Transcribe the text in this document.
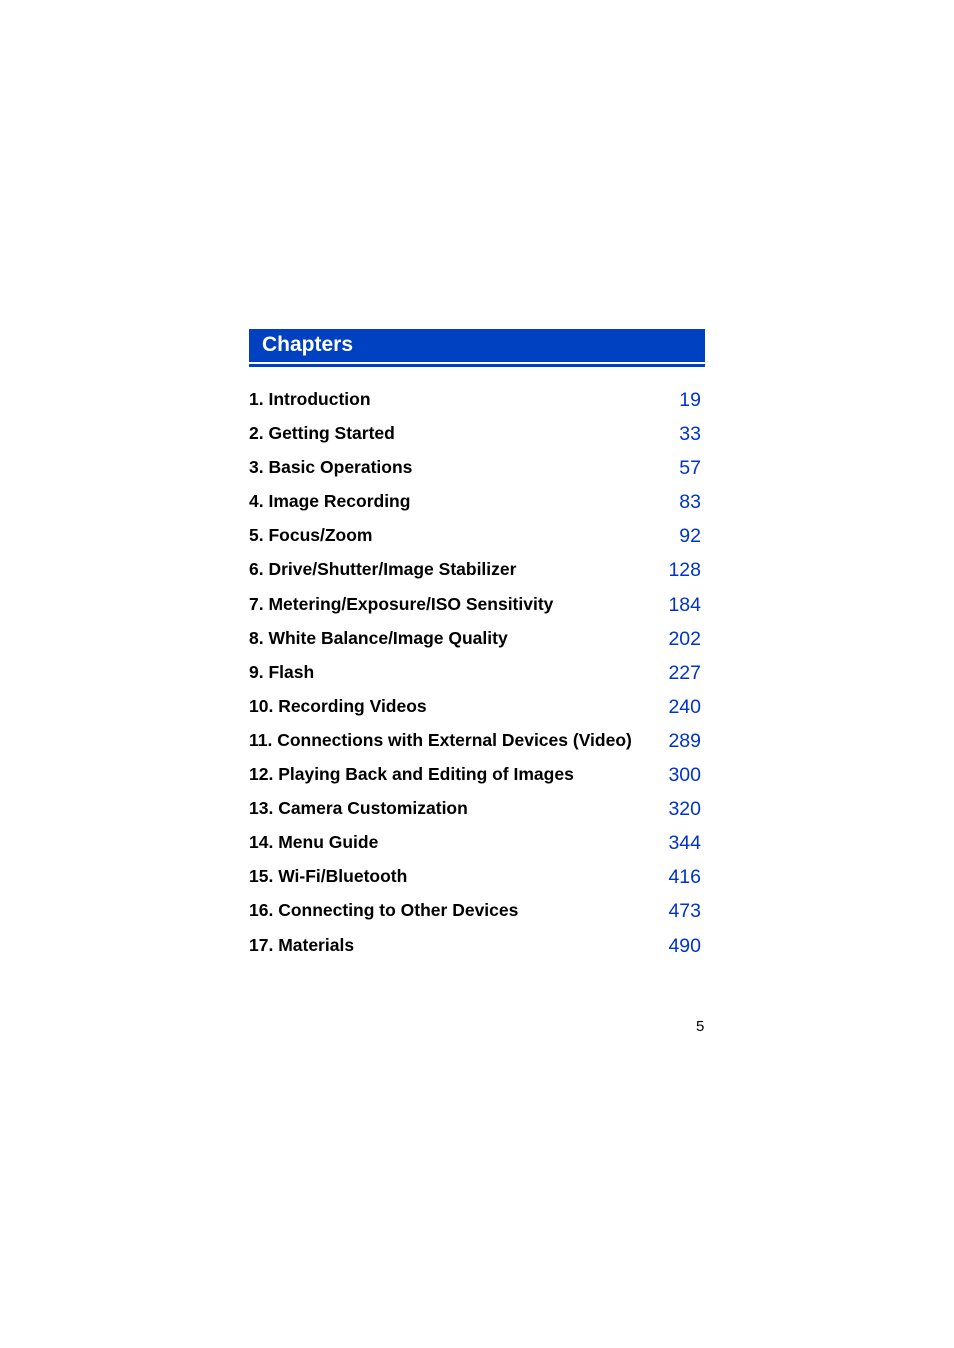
Chapters
1. Introduction	19
2. Getting Started	33
3. Basic Operations	57
4. Image Recording	83
5. Focus/Zoom	92
6. Drive/Shutter/Image Stabilizer	128
7. Metering/Exposure/ISO Sensitivity	184
8. White Balance/Image Quality	202
9. Flash	227
10. Recording Videos	240
11. Connections with External Devices (Video) 289
12. Playing Back and Editing of Images	300
13. Camera Customization	320
14. Menu Guide	344
15. Wi-Fi/Bluetooth	416
16. Connecting to Other Devices	473
17. Materials	490
5
